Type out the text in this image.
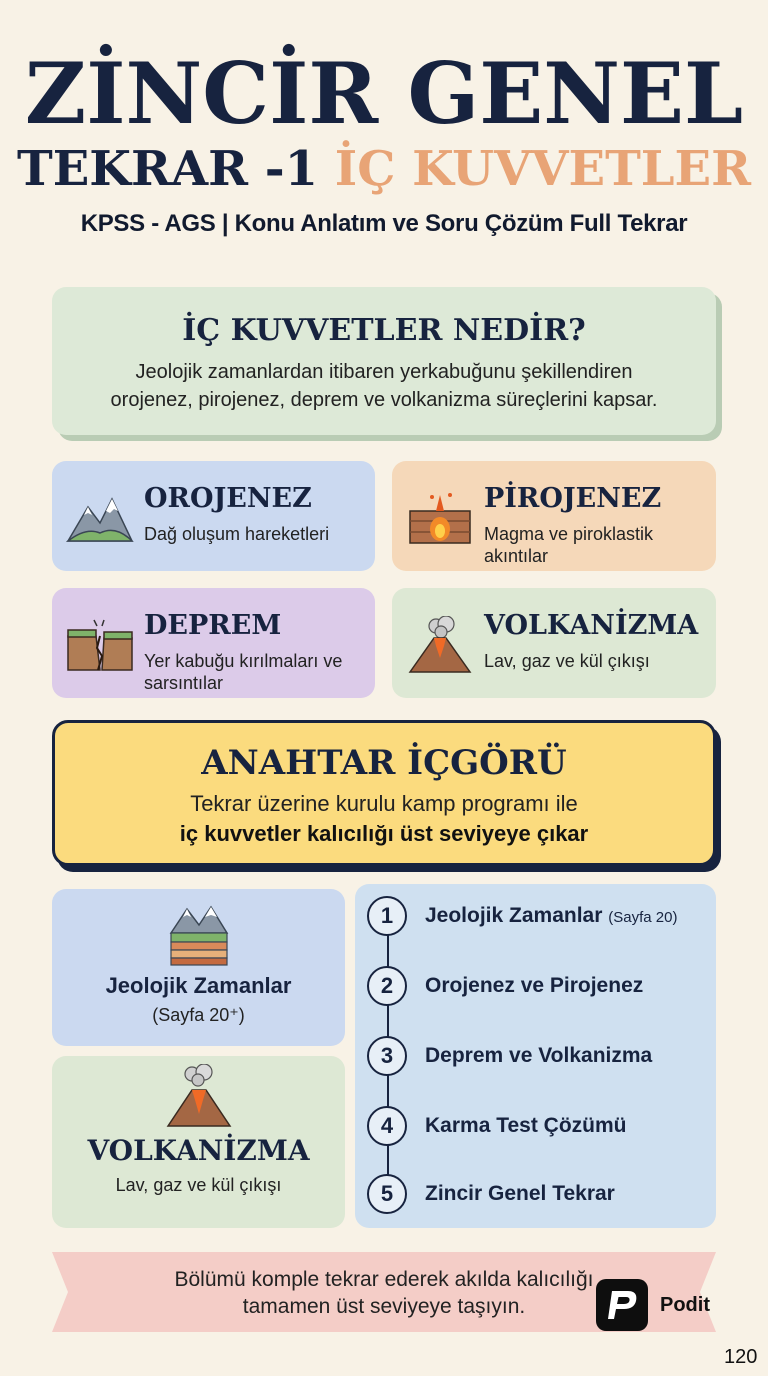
ZİNCİR GENEL
TEKRAR -1 İÇ KUVVETLER
KPSS - AGS | Konu Anlatım ve Soru Çözüm Full Tekrar
İÇ KUVVETLER NEDİR?

Jeolojik zamanlardan itibaren yerkabuğunu şekillendiren
orojenez, pirojenez, deprem ve volkanizma süreçlerini kapsar.

OROJENEZ

Dağ oluşum hareketleri

PİROJENEZ

Magma ve piroklastik akıntılar

DEPREM

Yer kabuğu kırılmaları ve sarsıntılar

VOLKANİZMA

Lav, gaz ve kül çıkışı

ANAHTAR İÇGÖRÜ
Tekrar üzerine kurulu kamp programı ile
iç kuvvetler kalıcılığı üst seviyeye çıkar
Jeolojik Zamanlar

(Sayfa 20⁺)

VOLKANİZMA

Lav, gaz ve kül çıkışı

1	Jeolojik Zamanlar (Sayfa 20)
2	Orojenez ve Pirojenez
3	Deprem ve Volkanizma
4	Karma Test Çözümü
5	Zincir Genel Tekrar
Bölümü komple tekrar ederek akılda kalıcılığı
tamamen üst seviyeye taşıyın.	Podit
120
